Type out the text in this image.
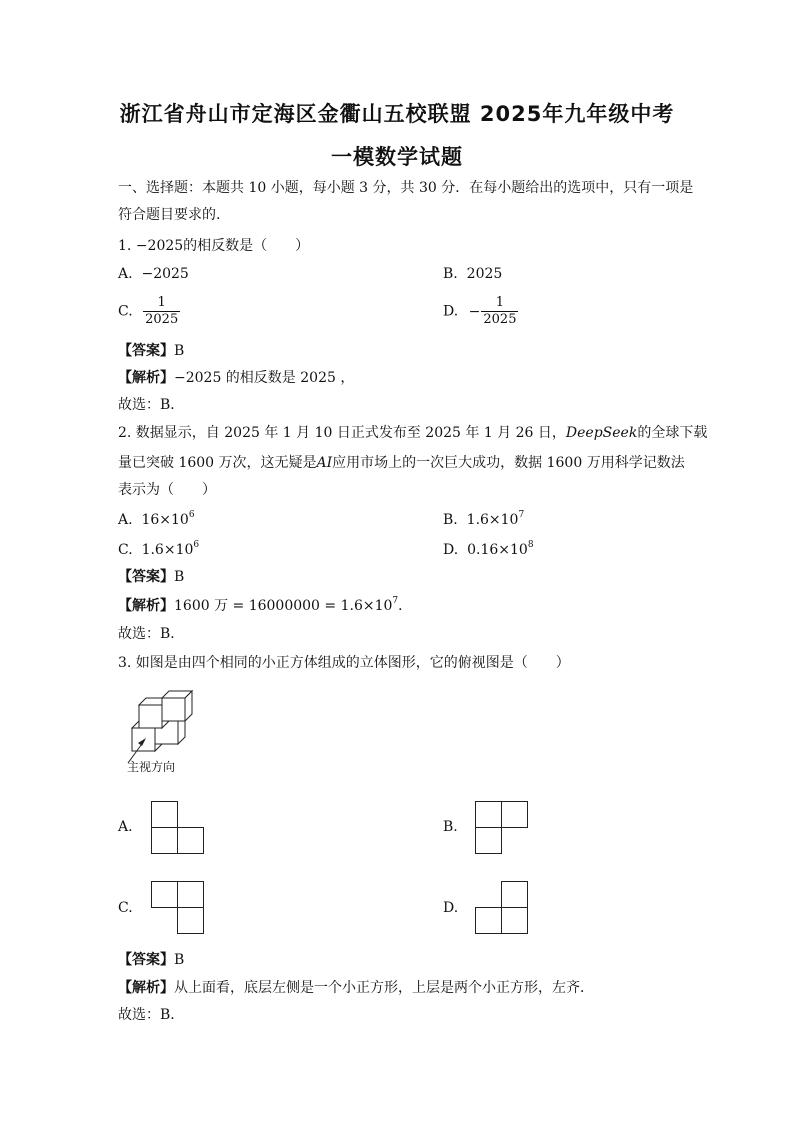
浙江省舟山市定海区金衢山五校联盟 2025年九年级中考
一模数学试题
一、选择题：本题共 10 小题，每小题 3 分，共 30 分．在每小题给出的选项中，只有一项是
符合题目要求的.
1. −2025的相反数是（　　）
A. −2025	B. 2025
C. $\frac{1}{2025}$	D. − $\frac{1}{2025}$
【答案】B
【解析】−2025 的相反数是 2025 ，
故选：B．
2. 数据显示，自 2025 年 1 月 10 日正式发布至 2025 年 1 月 26 日，DeepSeek的全球下载
量已突破 1600 万次，这无疑是AI应用市场上的一次巨大成功，数据 1600 万用科学记数法
表示为（　　）
A. $16\times 10^6$	B. $1.6\times 10^7$
C. $1.6\times 10^6$	D. $0.16\times 10^8$
【答案】B
【解析】1600 万 = $16000000 = 1.6\times 10^7$．
故选：B．
3. 如图是由四个相同的小正方体组成的立体图形，它的俯视图是（　　）
主视方向
A.	B.
C.	D.
【答案】B
【解析】从上面看，底层左侧是一个小正方形，上层是两个小正方形，左齐．
故选：B．
